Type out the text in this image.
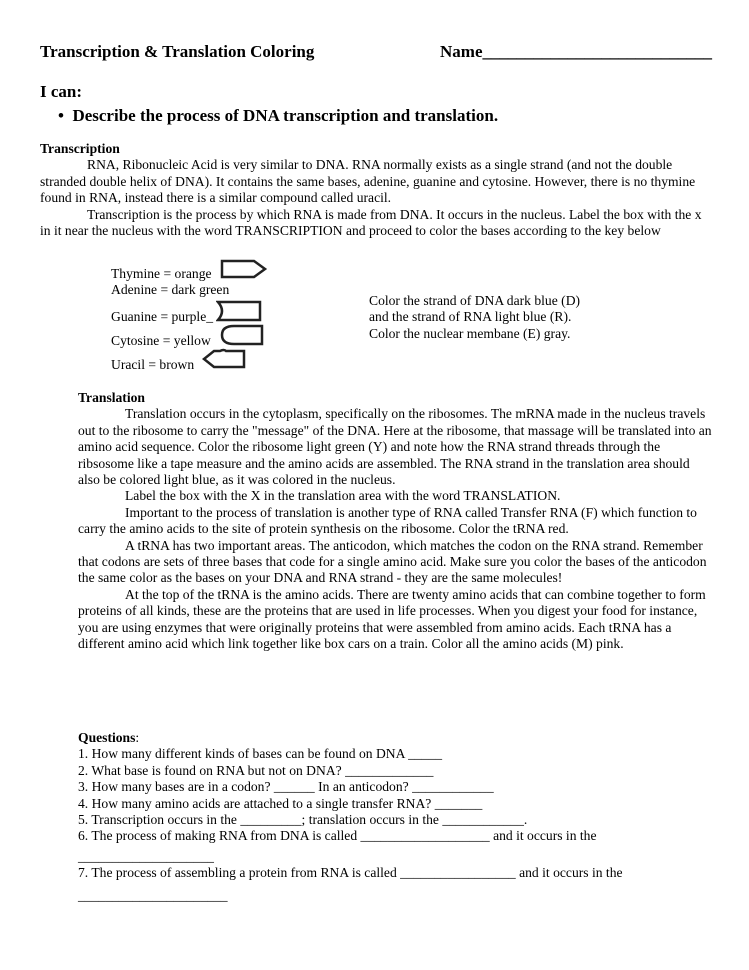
Transcription & Translation Coloring	Name___________________________
I can:
• Describe the process of DNA transcription and translation.
Transcription

RNA, Ribonucleic Acid is very similar to DNA. RNA normally exists as a single strand (and not the double stranded double helix of DNA). It contains the same bases, adenine, guanine and cytosine. However, there is no thymine found in RNA, instead there is a similar compound called uracil.

Transcription is the process by which RNA is made from DNA. It occurs in the nucleus. Label the box with the x in it near the nucleus with the word TRANSCRIPTION and proceed to color the bases according to the key below

Thymine = orange
Adenine = dark green
Guanine = purple_
Cytosine = yellow
Uracil = brown
Color the strand of DNA dark blue (D)
and the strand of RNA light blue (R).
Color the nuclear membane (E) gray.
Translation

Translation occurs in the cytoplasm, specifically on the ribosomes. The mRNA made in the nucleus travels out to the ribosome to carry the "message" of the DNA. Here at the ribosome, that massage will be translated into an amino acid sequence. Color the ribosome light green (Y) and note how the RNA strand threads through the ribsosome like a tape measure and the amino acids are assembled. The RNA strand in the translation area should also be colored light blue, as it was colored in the nucleus.

Label the box with the X in the translation area with the word TRANSLATION.

Important to the process of translation is another type of RNA called Transfer RNA (F) which function to carry the amino acids to the site of protein synthesis on the ribosome. Color the tRNA red.

A tRNA has two important areas. The anticodon, which matches the codon on the RNA strand. Remember that codons are sets of three bases that code for a single amino acid. Make sure you color the bases of the anticodon the same color as the bases on your DNA and RNA strand - they are the same molecules!

At the top of the tRNA is the amino acids. There are twenty amino acids that can combine together to form proteins of all kinds, these are the proteins that are used in life processes. When you digest your food for instance, you are using enzymes that were originally proteins that were assembled from amino acids. Each tRNA has a different amino acid which link together like box cars on a train. Color all the amino acids (M) pink.

Questions:
1. How many different kinds of bases can be found on DNA _____
2. What base is found on RNA but not on DNA? _____________
3. How many bases are in a codon? ______ In an anticodon? ____________
4. How many amino acids are attached to a single transfer RNA? _______
5. Transcription occurs in the _________; translation occurs in the ____________.
6. The process of making RNA from DNA is called ___________________ and it occurs in the
____________________
7. The process of assembling a protein from RNA is called _________________ and it occurs in the
______________________
